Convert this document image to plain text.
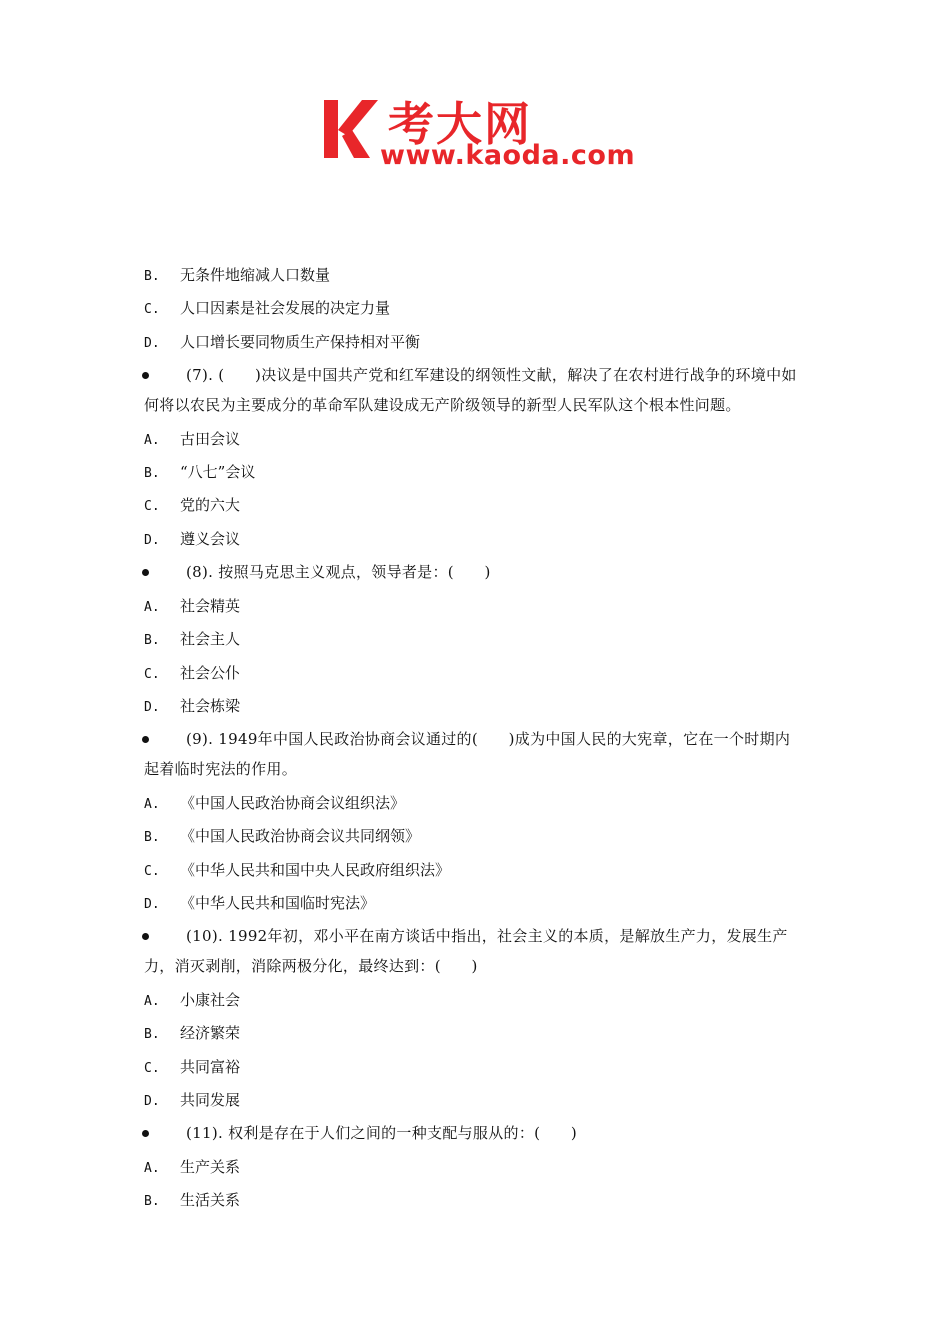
考大网
www.kaoda.com
B. 无条件地缩减人口数量
C. 人口因素是社会发展的决定力量
D. 人口增长要同物质生产保持相对平衡
(7). (　　)决议是中国共产党和红军建设的纲领性文献，解决了在农村进行战争的环境中如何将以农民为主要成分的革命军队建设成无产阶级领导的新型人民军队这个根本性问题。
A. 古田会议
B. “八七”会议
C. 党的六大
D. 遵义会议
(8). 按照马克思主义观点，领导者是：(　　)
A. 社会精英
B. 社会主人
C. 社会公仆
D. 社会栋梁
(9). 1949年中国人民政治协商会议通过的(　　)成为中国人民的大宪章，它在一个时期内起着临时宪法的作用。
A. 《中国人民政治协商会议组织法》
B. 《中国人民政治协商会议共同纲领》
C. 《中华人民共和国中央人民政府组织法》
D. 《中华人民共和国临时宪法》
(10). 1992年初，邓小平在南方谈话中指出，社会主义的本质，是解放生产力，发展生产力，消灭剥削，消除两极分化，最终达到：(　　)
A. 小康社会
B. 经济繁荣
C. 共同富裕
D. 共同发展
(11). 权利是存在于人们之间的一种支配与服从的：(　　)
A. 生产关系
B. 生活关系
